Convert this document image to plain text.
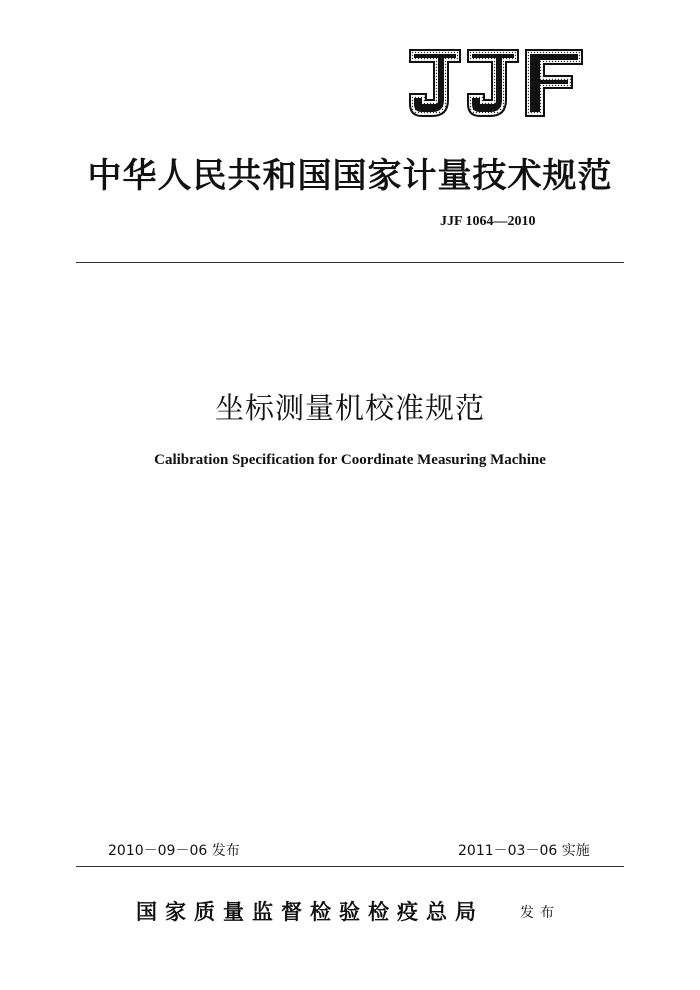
中华人民共和国国家计量技术规范
JJF 1064—2010
坐标测量机校准规范
Calibration Specification for Coordinate Measuring Machine
2010－09－06 发布	2011－03－06 实施
国家质量监督检验检疫总局	发布
